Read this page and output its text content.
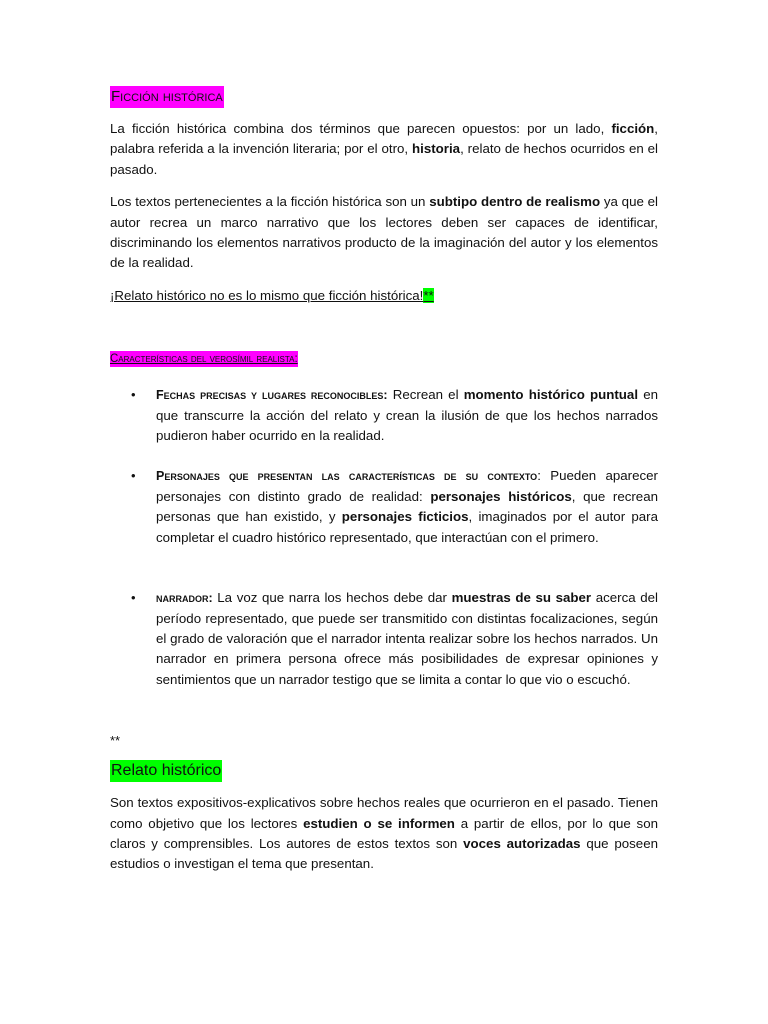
Ficción histórica

La ficción histórica combina dos términos que parecen opuestos: por un lado, ficción, palabra referida a la invención literaria; por el otro, historia, relato de hechos ocurridos en el pasado.

Los textos pertenecientes a la ficción histórica son un subtipo dentro de realismo ya que el autor recrea un marco narrativo que los lectores deben ser capaces de identificar, discriminando los elementos narrativos producto de la imaginación del autor y los elementos de la realidad.

¡Relato histórico no es lo mismo que ficción histórica!**

Características del verosímil realista:
• Fechas precisas y lugares reconocibles: Recrean el momento histórico puntual en que transcurre la acción del relato y crean la ilusión de que los hechos narrados pudieron haber ocurrido en la realidad.

• Personajes que presentan las características de su contexto: Pueden aparecer personajes con distinto grado de realidad: personajes históricos, que recrean personas que han existido, y personajes ficticios, imaginados por el autor para completar el cuadro histórico representado, que interactúan con el primero.

• narrador: La voz que narra los hechos debe dar muestras de su saber acerca del período representado, que puede ser transmitido con distintas focalizaciones, según el grado de valoración que el narrador intenta realizar sobre los hechos narrados. Un narrador en primera persona ofrece más posibilidades de expresar opiniones y sentimientos que un narrador testigo que se limita a contar lo que vio o escuchó.

**
Relato histórico

Son textos expositivos-explicativos sobre hechos reales que ocurrieron en el pasado. Tienen como objetivo que los lectores estudien o se informen a partir de ellos, por lo que son claros y comprensibles. Los autores de estos textos son voces autorizadas que poseen estudios o investigan el tema que presentan.
